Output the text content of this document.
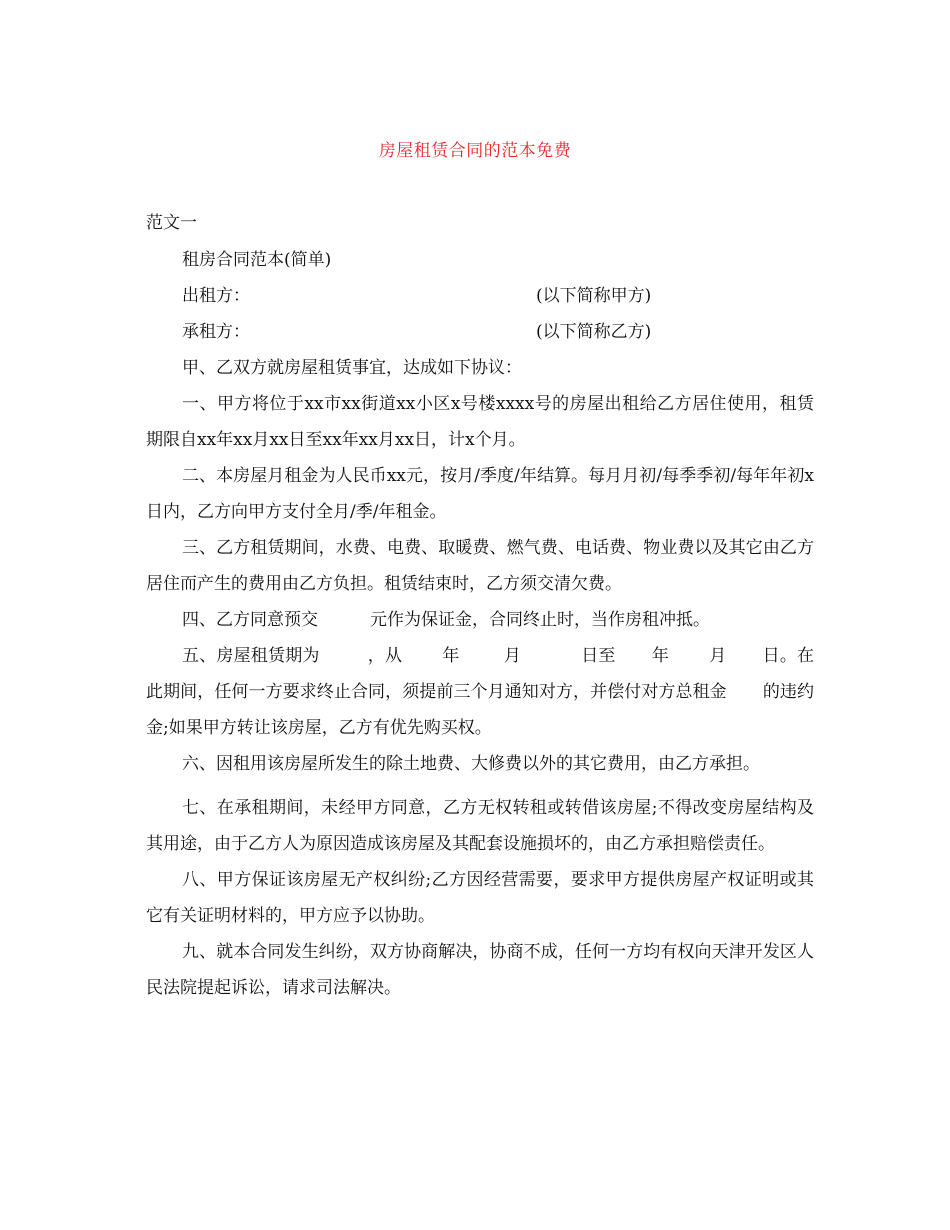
房屋租赁合同的范本免费
范文一

租房合同范本(简单)

出租方：	(以下简称甲方)

承租方：	(以下简称乙方)

甲、乙双方就房屋租赁事宜，达成如下协议：

一、甲方将位于xx市xx街道xx小区x号楼xxxx号的房屋出租给乙方居住使用，租赁期限自xx年xx月xx日至xx年xx月xx日，计x个月。

二、本房屋月租金为人民币xx元，按月/季度/年结算。每月月初/每季季初/每年年初x日内，乙方向甲方支付全月/季/年租金。

三、乙方租赁期间，水费、电费、取暖费、燃气费、电话费、物业费以及其它由乙方居住而产生的费用由乙方负担。租赁结束时，乙方须交清欠费。

四、乙方同意预交	元作为保证金，合同终止时，当作房租冲抵。

五、房屋租赁期为	，从 年	月	日至 年 月 日。在此期间，任何一方要求终止合同，须提前三个月通知对方，并偿付对方总租金 的违约金;如果甲方转让该房屋，乙方有优先购买权。

六、因租用该房屋所发生的除土地费、大修费以外的其它费用，由乙方承担。

七、在承租期间，未经甲方同意，乙方无权转租或转借该房屋;不得改变房屋结构及其用途，由于乙方人为原因造成该房屋及其配套设施损坏的，由乙方承担赔偿责任。

八、甲方保证该房屋无产权纠纷;乙方因经营需要，要求甲方提供房屋产权证明或其它有关证明材料的，甲方应予以协助。

九、就本合同发生纠纷，双方协商解决，协商不成，任何一方均有权向天津开发区人民法院提起诉讼，请求司法解决。
